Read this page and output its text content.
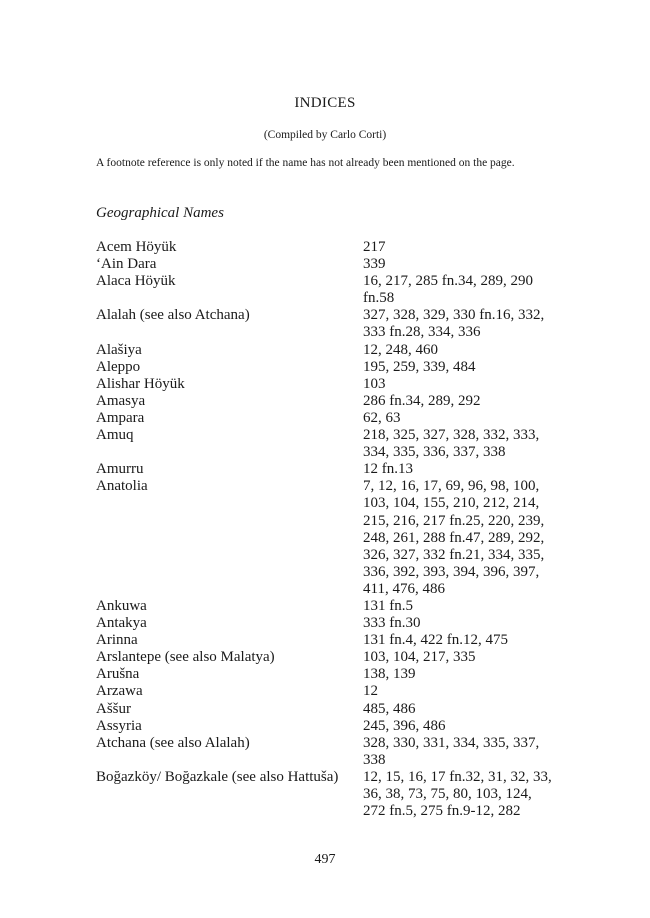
INDICES
(Compiled by Carlo Corti)
A footnote reference is only noted if the name has not already been mentioned on the page.
Geographical Names
Acem Höyük	217
‘Ain Dara	339
Alaca Höyük	16, 217, 285 fn.34, 289, 290
fn.58
Alalah (see also Atchana)	327, 328, 329, 330 fn.16, 332,
333 fn.28, 334, 336
Alašiya	12, 248, 460
Aleppo	195, 259, 339, 484
Alishar Höyük	103
Amasya	286 fn.34, 289, 292
Ampara	62, 63
Amuq	218, 325, 327, 328, 332, 333,
334, 335, 336, 337, 338
Amurru	12 fn.13
Anatolia	7, 12, 16, 17, 69, 96, 98, 100,
103, 104, 155, 210, 212, 214,
215, 216, 217 fn.25, 220, 239,
248, 261, 288 fn.47, 289, 292,
326, 327, 332 fn.21, 334, 335,
336, 392, 393, 394, 396, 397,
411, 476, 486
Ankuwa	131 fn.5
Antakya	333 fn.30
Arinna	131 fn.4, 422 fn.12, 475
Arslantepe (see also Malatya)	103, 104, 217, 335
Arušna	138, 139
Arzawa	12
Aššur	485, 486
Assyria	245, 396, 486
Atchana (see also Alalah)	328, 330, 331, 334, 335, 337,
338
Boğazköy/ Boğazkale (see also Hattuša)	12, 15, 16, 17 fn.32, 31, 32, 33,
36, 38, 73, 75, 80, 103, 124,
272 fn.5, 275 fn.9-12, 282
497
